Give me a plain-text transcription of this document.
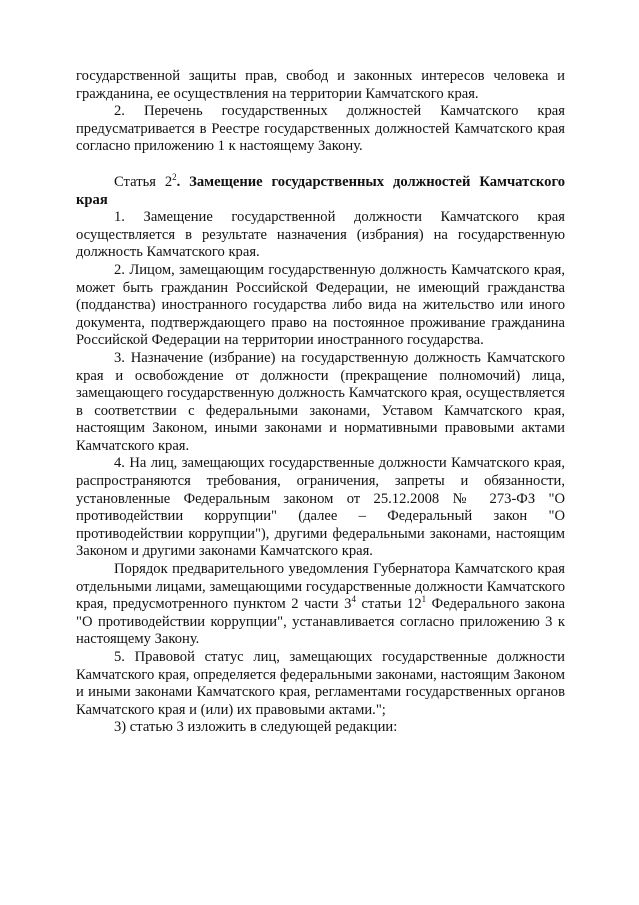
государственной защиты прав, свобод и законных интересов человека и гражданина, ее осуществления на территории Камчатского края.

2. Перечень государственных должностей Камчатского края предусматривается в Реестре государственных должностей Камчатского края согласно приложению 1 к настоящему Закону.

Статья $2^2$. Замещение государственных должностей Камчатского края

1. Замещение государственной должности Камчатского края осуществляется в результате назначения (избрания) на государственную должность Камчатского края.

2. Лицом, замещающим государственную должность Камчатского края, может быть гражданин Российской Федерации, не имеющий гражданства (подданства) иностранного государства либо вида на жительство или иного документа, подтверждающего право на постоянное проживание гражданина Российской Федерации на территории иностранного государства.

3. Назначение (избрание) на государственную должность Камчатского края и освобождение от должности (прекращение полномочий) лица, замещающего государственную должность Камчатского края, осуществляется в соответствии с федеральными законами, Уставом Камчатского края, настоящим Законом, иными законами и нормативными правовыми актами Камчатского края.

4. На лиц, замещающих государственные должности Камчатского края, распространяются требования, ограничения, запреты и обязанности, установленные Федеральным законом от 25.12.2008 № 273-ФЗ "О противодействии коррупции" (далее – Федеральный закон "О противодействии коррупции"), другими федеральными законами, настоящим Законом и другими законами Камчатского края.

Порядок предварительного уведомления Губернатора Камчатского края отдельными лицами, замещающими государственные должности Камчатского края, предусмотренного пунктом 2 части $3^4$ статьи $12^1$ Федерального закона "О противодействии коррупции", устанавливается согласно приложению 3 к настоящему Закону.

5. Правовой статус лиц, замещающих государственные должности Камчатского края, определяется федеральными законами, настоящим Законом и иными законами Камчатского края, регламентами государственных органов Камчатского края и (или) их правовыми актами.";

3) статью 3 изложить в следующей редакции:
